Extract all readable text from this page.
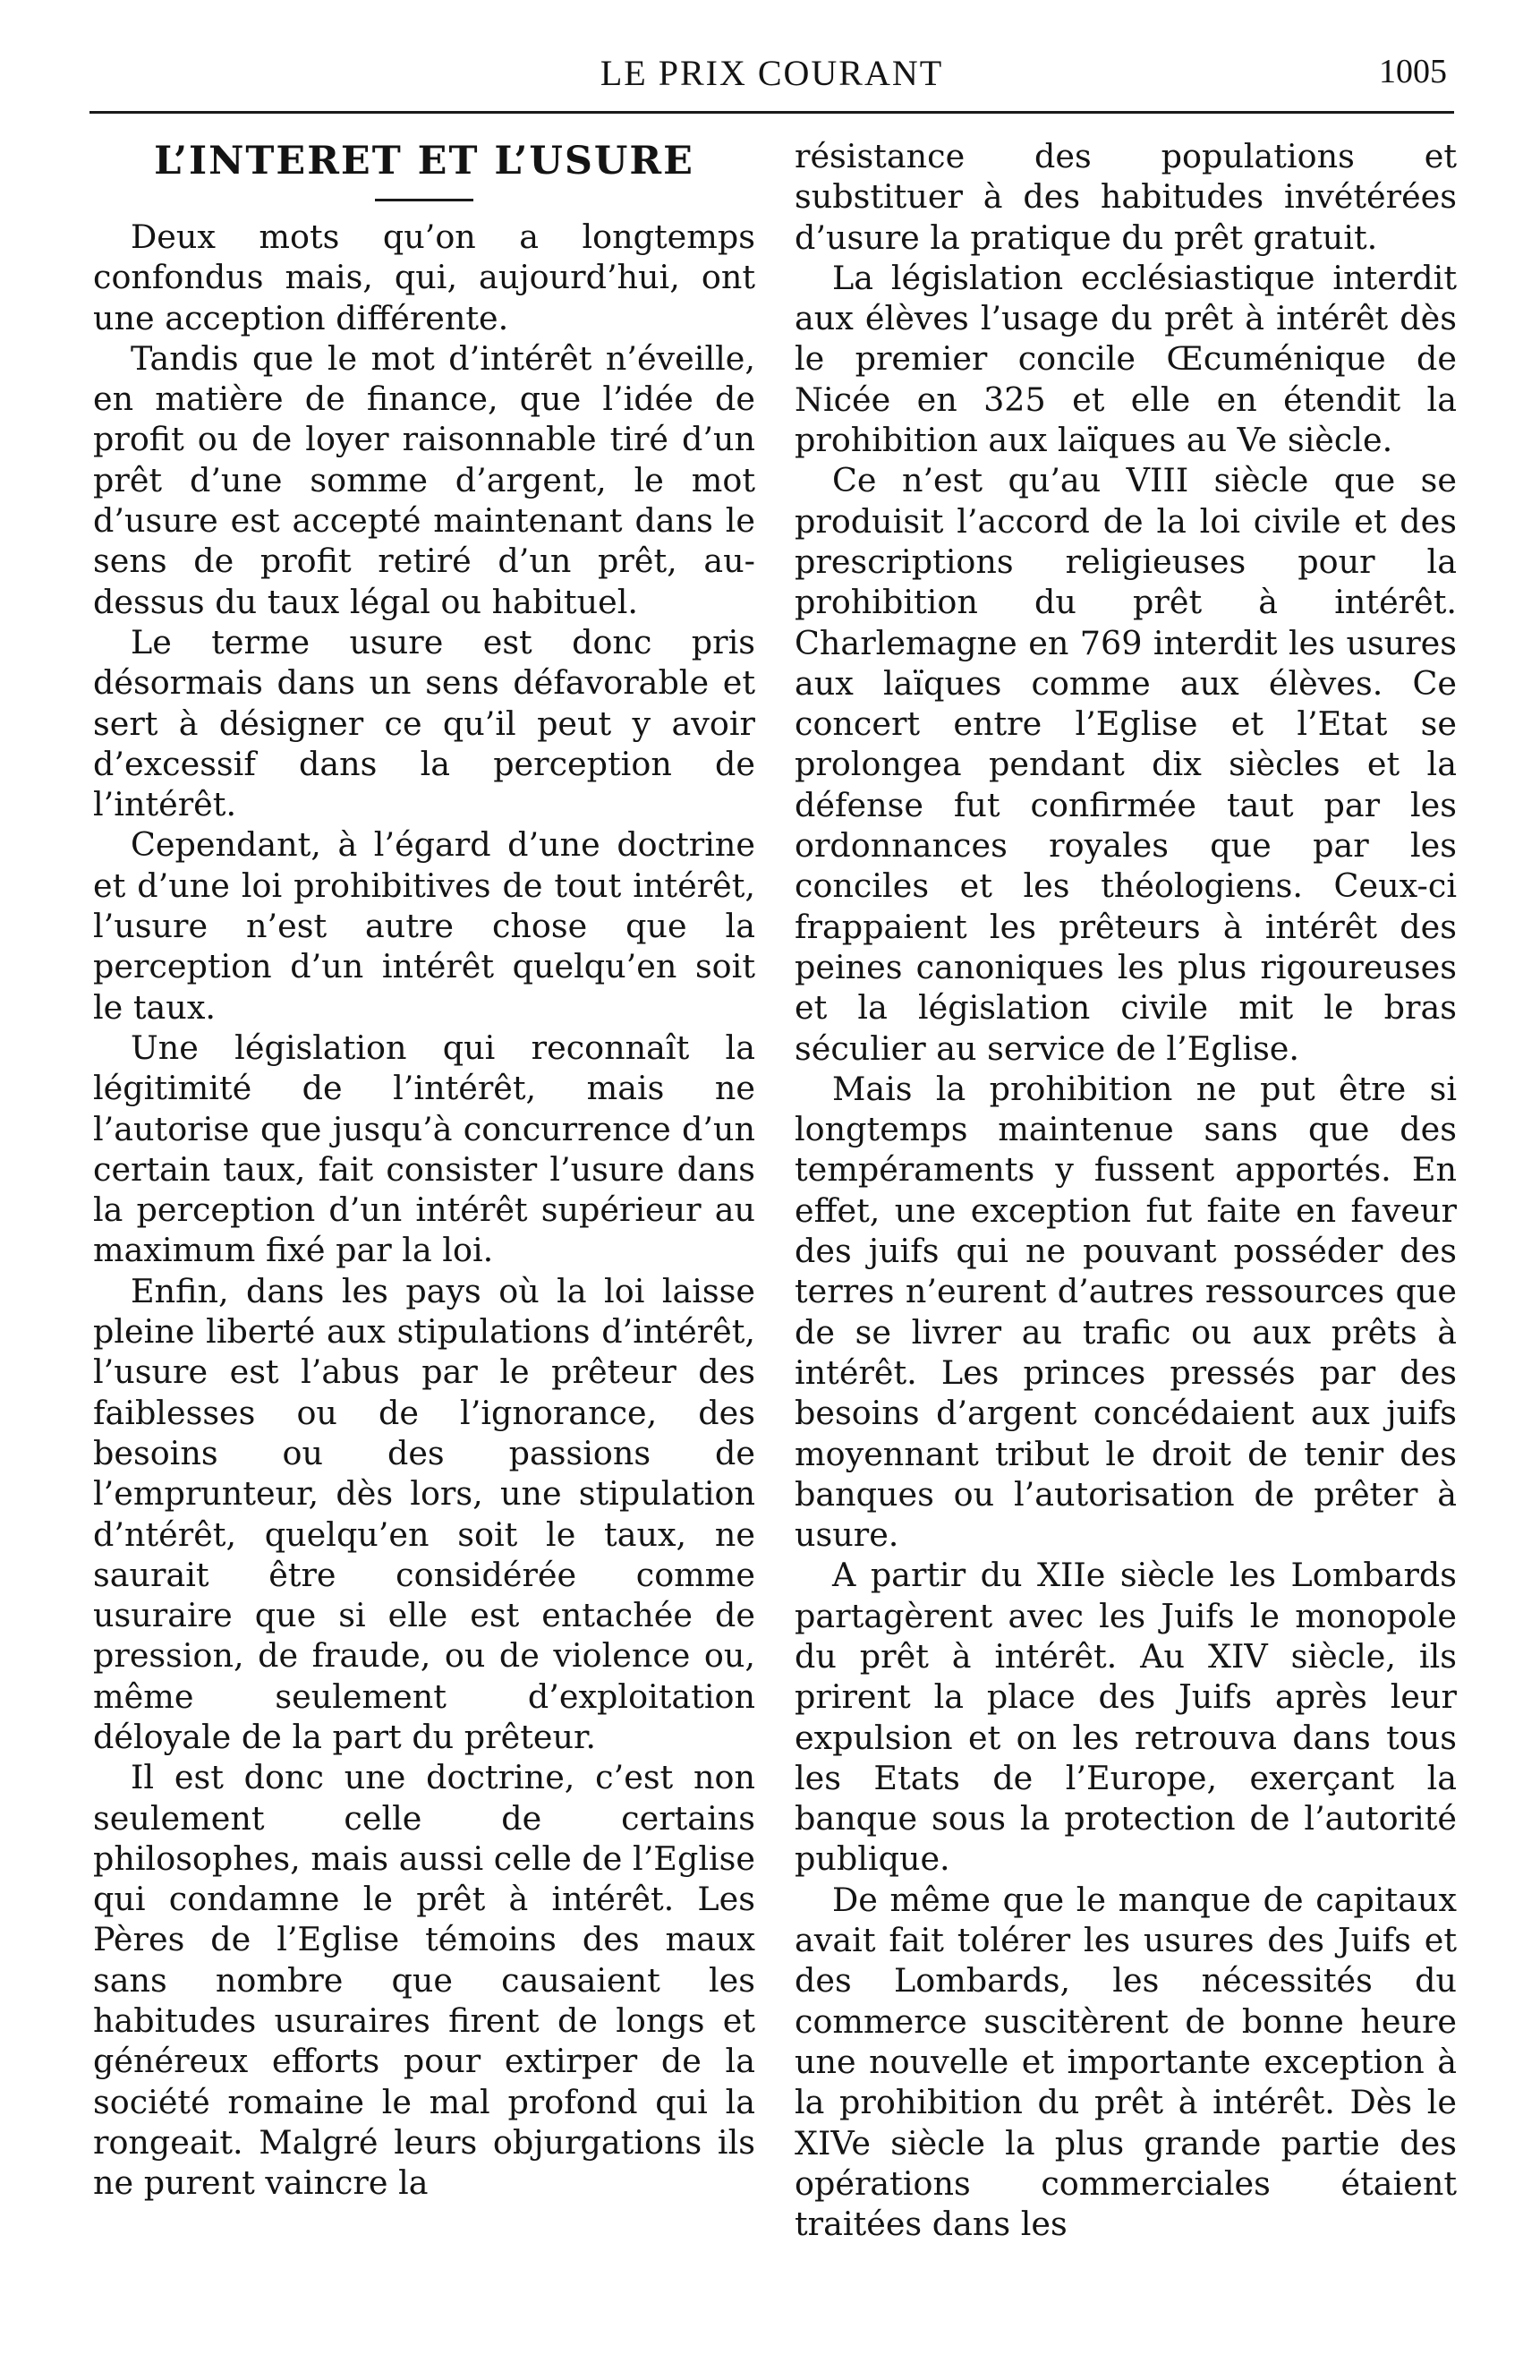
LE PRIX COURANT	1005
L’INTERET ET L’USURE

Deux mots qu’on a longtemps confondus mais, qui, aujourd’hui, ont une acception différente.

Tandis que le mot d’intérêt n’éveille, en matière de finance, que l’idée de profit ou de loyer raisonnable tiré d’un prêt d’une somme d’argent, le mot d’usure est accepté maintenant dans le sens de profit retiré d’un prêt, au-dessus du taux légal ou habituel.

Le terme usure est donc pris désormais dans un sens défavorable et sert à désigner ce qu’il peut y avoir d’excessif dans la perception de l’intérêt.

Cependant, à l’égard d’une doctrine et d’une loi prohibitives de tout intérêt, l’usure n’est autre chose que la perception d’un intérêt quelqu’en soit le taux.

Une législation qui reconnaît la légitimité de l’intérêt, mais ne l’autorise que jusqu’à concurrence d’un certain taux, fait consister l’usure dans la perception d’un intérêt supérieur au maximum fixé par la loi.

Enfin, dans les pays où la loi laisse pleine liberté aux stipulations d’intérêt, l’usure est l’abus par le prêteur des faiblesses ou de l’ignorance, des besoins ou des passions de l’emprunteur, dès lors, une stipulation d’ntérêt, quelqu’en soit le taux, ne saurait être considérée comme usuraire que si elle est entachée de pression, de fraude, ou de violence ou, même seulement d’exploitation déloyale de la part du prêteur.

Il est donc une doctrine, c’est non seulement celle de certains philosophes, mais aussi celle de l’Eglise qui condamne le prêt à intérêt. Les Pères de l’Eglise témoins des maux sans nombre que causaient les habitudes usuraires firent de longs et généreux efforts pour extirper de la société romaine le mal profond qui la rongeait. Malgré leurs objurgations ils ne purent vaincre la

résistance des populations et substituer à des habitudes invétérées d’usure la pratique du prêt gratuit.

La législation ecclésiastique interdit aux élèves l’usage du prêt à intérêt dès le premier concile Œcuménique de Nicée en 325 et elle en étendit la prohibition aux laïques au Ve siècle.

Ce n’est qu’au VIII siècle que se produisit l’accord de la loi civile et des prescriptions religieuses pour la prohibition du prêt à intérêt. Charlemagne en 769 interdit les usures aux laïques comme aux élèves. Ce concert entre l’Eglise et l’Etat se prolongea pendant dix siècles et la défense fut confirmée taut par les ordonnances royales que par les conciles et les théologiens. Ceux-ci frappaient les prêteurs à intérêt des peines canoniques les plus rigoureuses et la législation civile mit le bras séculier au service de l’Eglise.

Mais la prohibition ne put être si longtemps maintenue sans que des tempéraments y fussent apportés. En effet, une exception fut faite en faveur des juifs qui ne pouvant posséder des terres n’eurent d’autres ressources que de se livrer au trafic ou aux prêts à intérêt. Les princes pressés par des besoins d’argent concédaient aux juifs moyennant tribut le droit de tenir des banques ou l’autorisation de prêter à usure.

A partir du XIIe siècle les Lombards partagèrent avec les Juifs le monopole du prêt à intérêt. Au XIV siècle, ils prirent la place des Juifs après leur expulsion et on les retrouva dans tous les Etats de l’Europe, exerçant la banque sous la protection de l’autorité publique.

De même que le manque de capitaux avait fait tolérer les usures des Juifs et des Lombards, les nécessités du commerce suscitèrent de bonne heure une nouvelle et importante exception à la prohibition du prêt à intérêt. Dès le XIVe siècle la plus grande partie des opérations commerciales étaient traitées dans les
